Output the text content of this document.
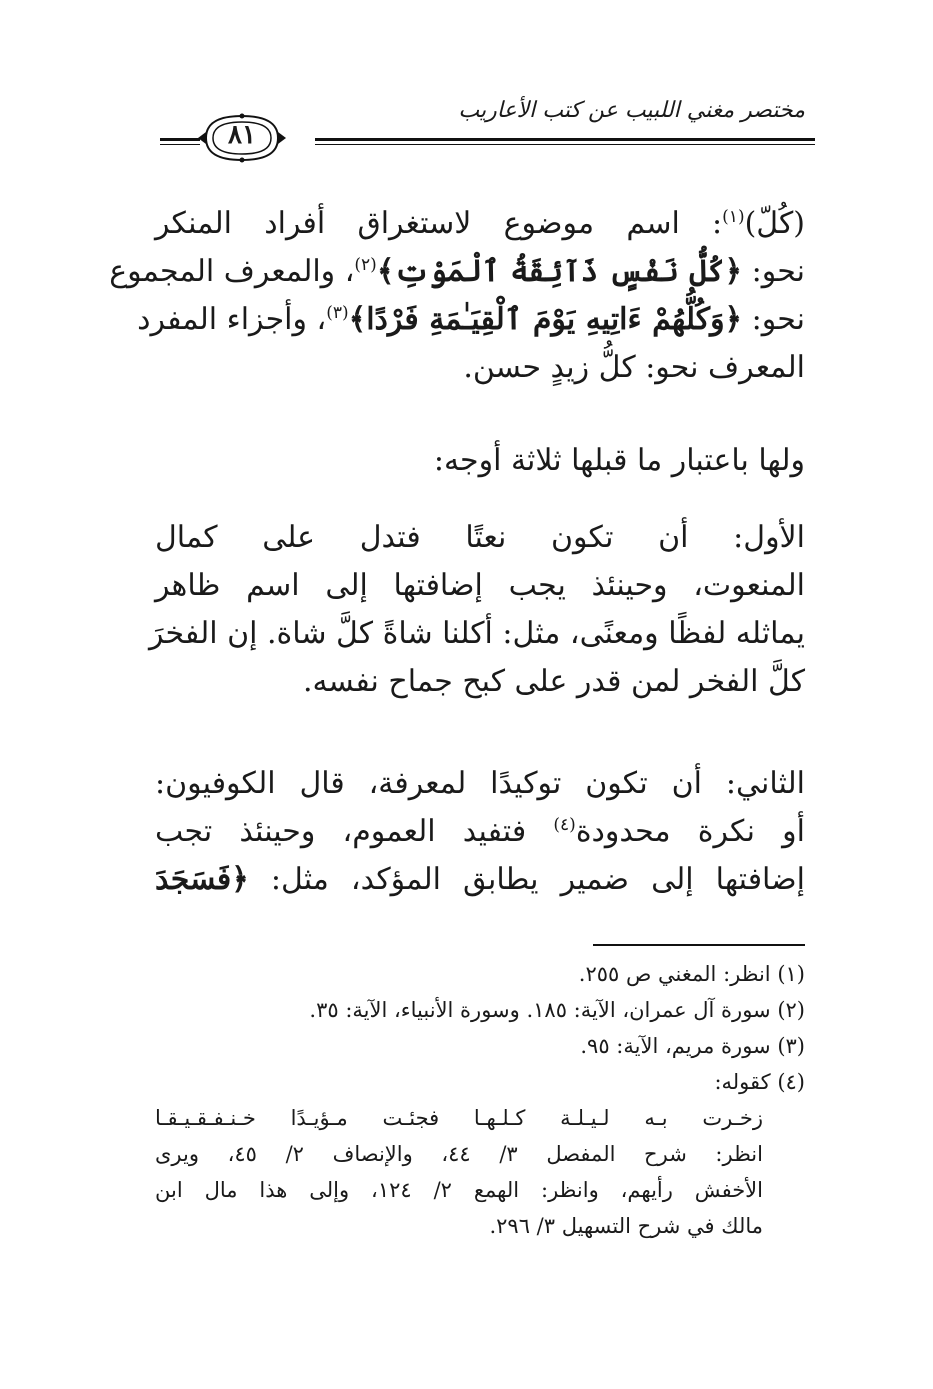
مختصر مغني اللبيب عن كتب الأعاريب
٨١
(كُلّ)$^{(١)}$: اسم موضوع لاستغراق أفراد المنكر
نحو: ﴿كُلُّ نَفْسٍ ذَآئِقَةُ ٱلْمَوْتِ﴾$^{(٢)}$، والمعرف المجموع
نحو: ﴿وَكُلُّهُمْ ءَاتِيهِ يَوْمَ ٱلْقِيَـٰمَةِ فَرْدًا﴾$^{(٣)}$، وأجزاء المفرد
المعرف نحو: كلُّ زيدٍ حسن.
ولها باعتبار ما قبلها ثلاثة أوجه:
الأول: أن تكون نعتًا فتدل على كمال
المنعوت، وحينئذ يجب إضافتها إلى اسم ظاهر
يماثله لفظًا ومعنًى، مثل: أكلنا شاةً كلَّ شاة. إن الفخرَ
كلَّ الفخر لمن قدر على كبح جماح نفسه.
الثاني: أن تكون توكيدًا لمعرفة، قال الكوفيون:
أو نكرة محدودة$^{(٤)}$ فتفيد العموم، وحينئذ تجب
إضافتها إلى ضمير يطابق المؤكد، مثل: ﴿فَسَجَدَ
(١) انظر: المغني ص ٢٥٥.
(٢) سورة آل عمران، الآية: ١٨٥. وسورة الأنبياء، الآية: ٣٥.
(٣) سورة مريم، الآية: ٩٥.
(٤) كقوله:
زخـرت بـه لـيـلـة كـلـهـا فجئـت مـؤيـدًا خـنـفـقـيـقـا
انظر: شرح المفصل ٣/ ٤٤، والإنصاف ٢/ ٤٥، ويرى
الأخفش رأيهم، وانظر: الهمع ٢/ ١٢٤، وإلى هذا مال ابن
مالك في شرح التسهيل ٣/ ٢٩٦.
